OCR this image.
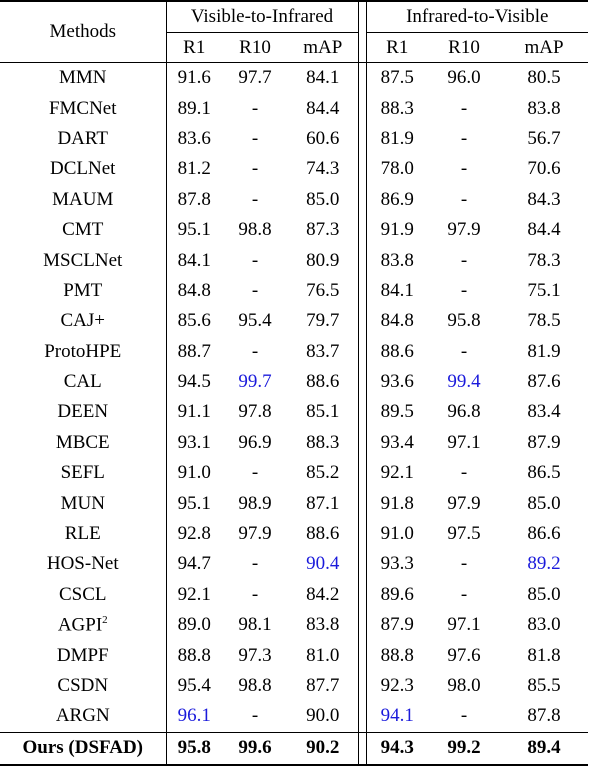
Methods	Visible-to-Infrared				Infrared-to-Visible		
	R1	R10	mAP		R1	R10	mAP
MMN	91.6	97.7	84.1		87.5	96.0	80.5
FMCNet	89.1	-	84.4		88.3	-	83.8
DART	83.6	-	60.6		81.9	-	56.7
DCLNet	81.2	-	74.3		78.0	-	70.6
MAUM	87.8	-	85.0		86.9	-	84.3
CMT	95.1	98.8	87.3		91.9	97.9	84.4
MSCLNet	84.1	-	80.9		83.8	-	78.3
PMT	84.8	-	76.5		84.1	-	75.1
CAJ+	85.6	95.4	79.7		84.8	95.8	78.5
ProtoHPE	88.7	-	83.7		88.6	-	81.9
CAL	94.5	99.7	88.6		93.6	99.4	87.6
DEEN	91.1	97.8	85.1		89.5	96.8	83.4
MBCE	93.1	96.9	88.3		93.4	97.1	87.9
SEFL	91.0	-	85.2		92.1	-	86.5
MUN	95.1	98.9	87.1		91.8	97.9	85.0
RLE	92.8	97.9	88.6		91.0	97.5	86.6
HOS-Net	94.7	-	90.4		93.3	-	89.2
CSCL	92.1	-	84.2		89.6	-	85.0
AGPI$^2$	89.0	98.1	83.8		87.9	97.1	83.0
DMPF	88.8	97.3	81.0		88.8	97.6	81.8
CSDN	95.4	98.8	87.7		92.3	98.0	85.5
ARGN	96.1	-	90.0		94.1	-	87.8
Ours (DSFAD)	95.8	99.6	90.2		94.3	99.2	89.4
